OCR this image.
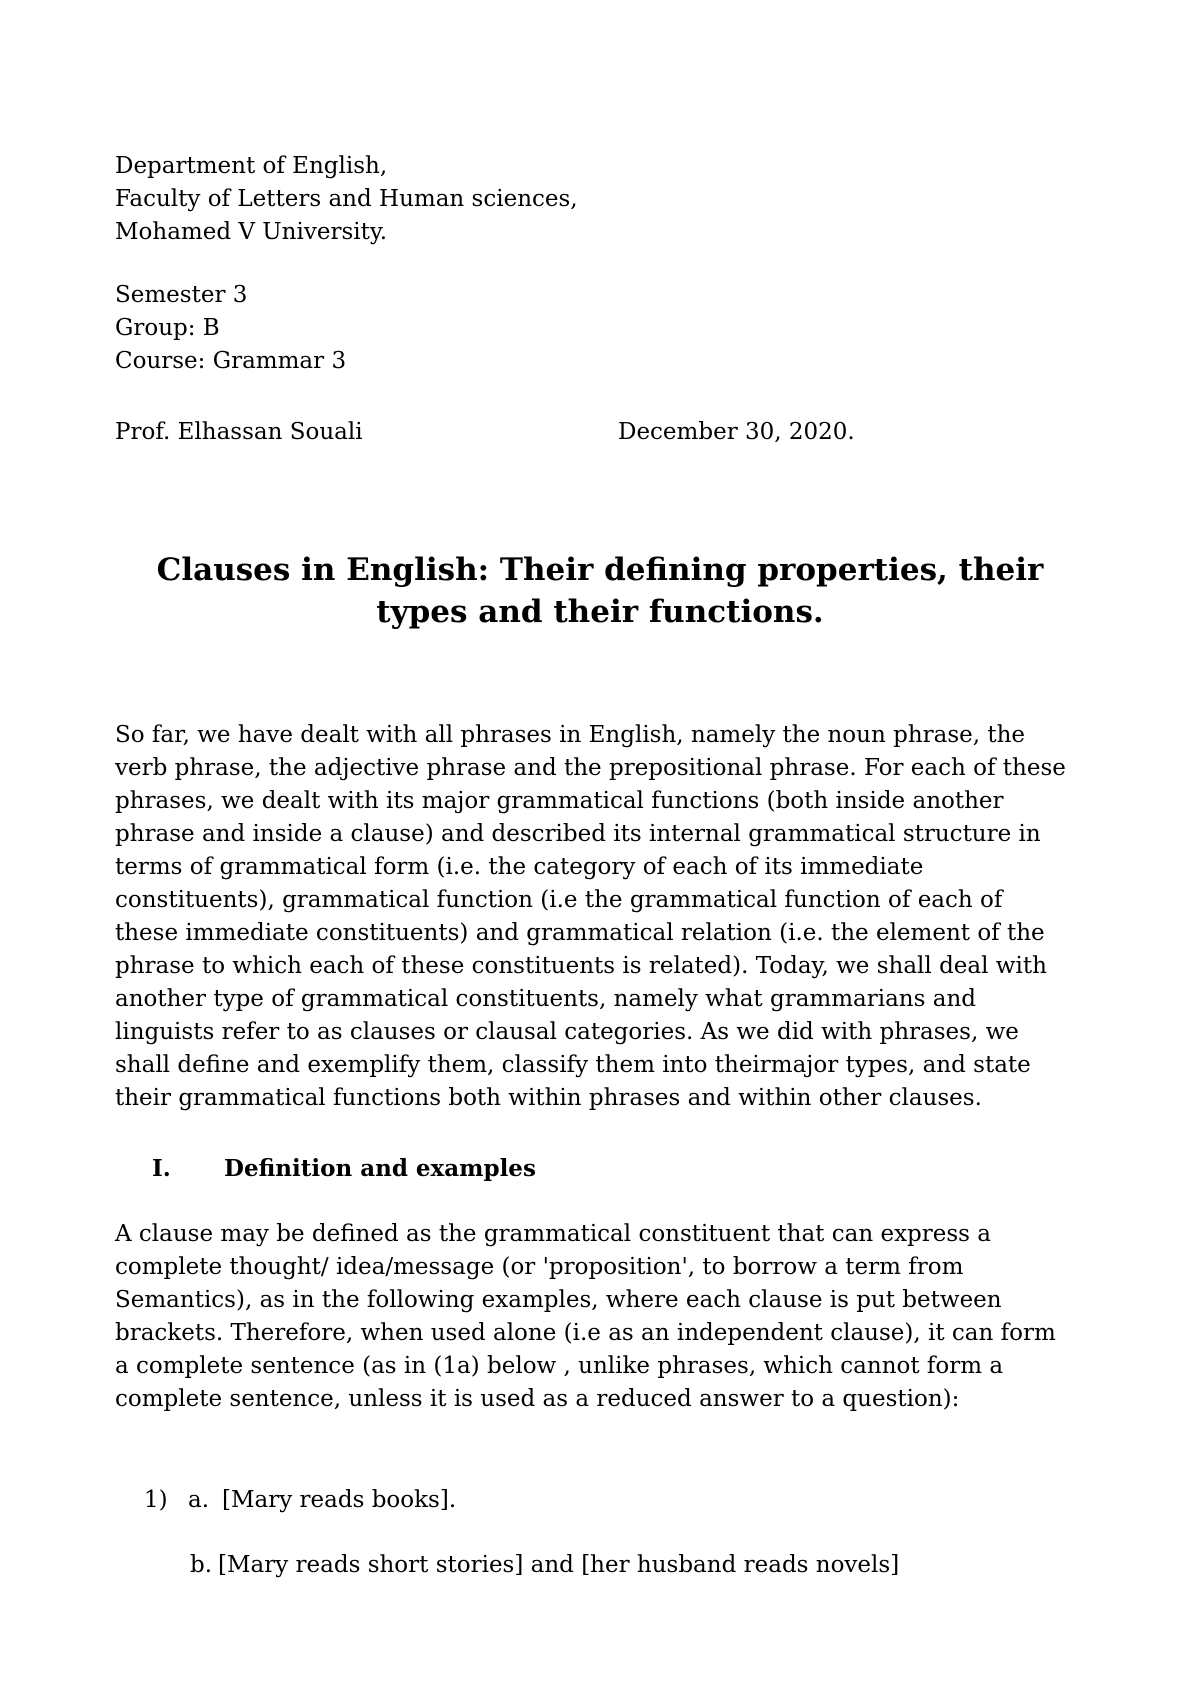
Department of English,
Faculty of Letters and Human sciences,
Mohamed V University.
Semester 3
Group: B
Course: Grammar 3
Prof. Elhassan Souali	December 30, 2020.
Clauses in English: Their defining properties, their
types and their functions.
So far, we have dealt with all phrases in English, namely the noun phrase, the
verb phrase, the adjective phrase and the prepositional phrase. For each of these
phrases, we dealt with its major grammatical functions (both inside another
phrase and inside a clause) and described its internal grammatical structure in
terms of grammatical form (i.e. the category of each of its immediate
constituents), grammatical function (i.e the grammatical function of each of
these immediate constituents) and grammatical relation (i.e. the element of the
phrase to which each of these constituents is related). Today, we shall deal with
another type of grammatical constituents, namely what grammarians and
linguists refer to as clauses or clausal categories. As we did with phrases, we
shall define and exemplify them, classify them into theirmajor types, and state
their grammatical functions both within phrases and within other clauses.
I. Definition and examples
A clause may be defined as the grammatical constituent that can express a
complete thought/ idea/message (or 'proposition', to borrow a term from
Semantics), as in the following examples, where each clause is put between
brackets. Therefore, when used alone (i.e as an independent clause), it can form
a complete sentence (as in (1a) below , unlike phrases, which cannot form a
complete sentence, unless it is used as a reduced answer to a question):
1) a. [Mary reads books].
b. [Mary reads short stories] and [her husband reads novels]
